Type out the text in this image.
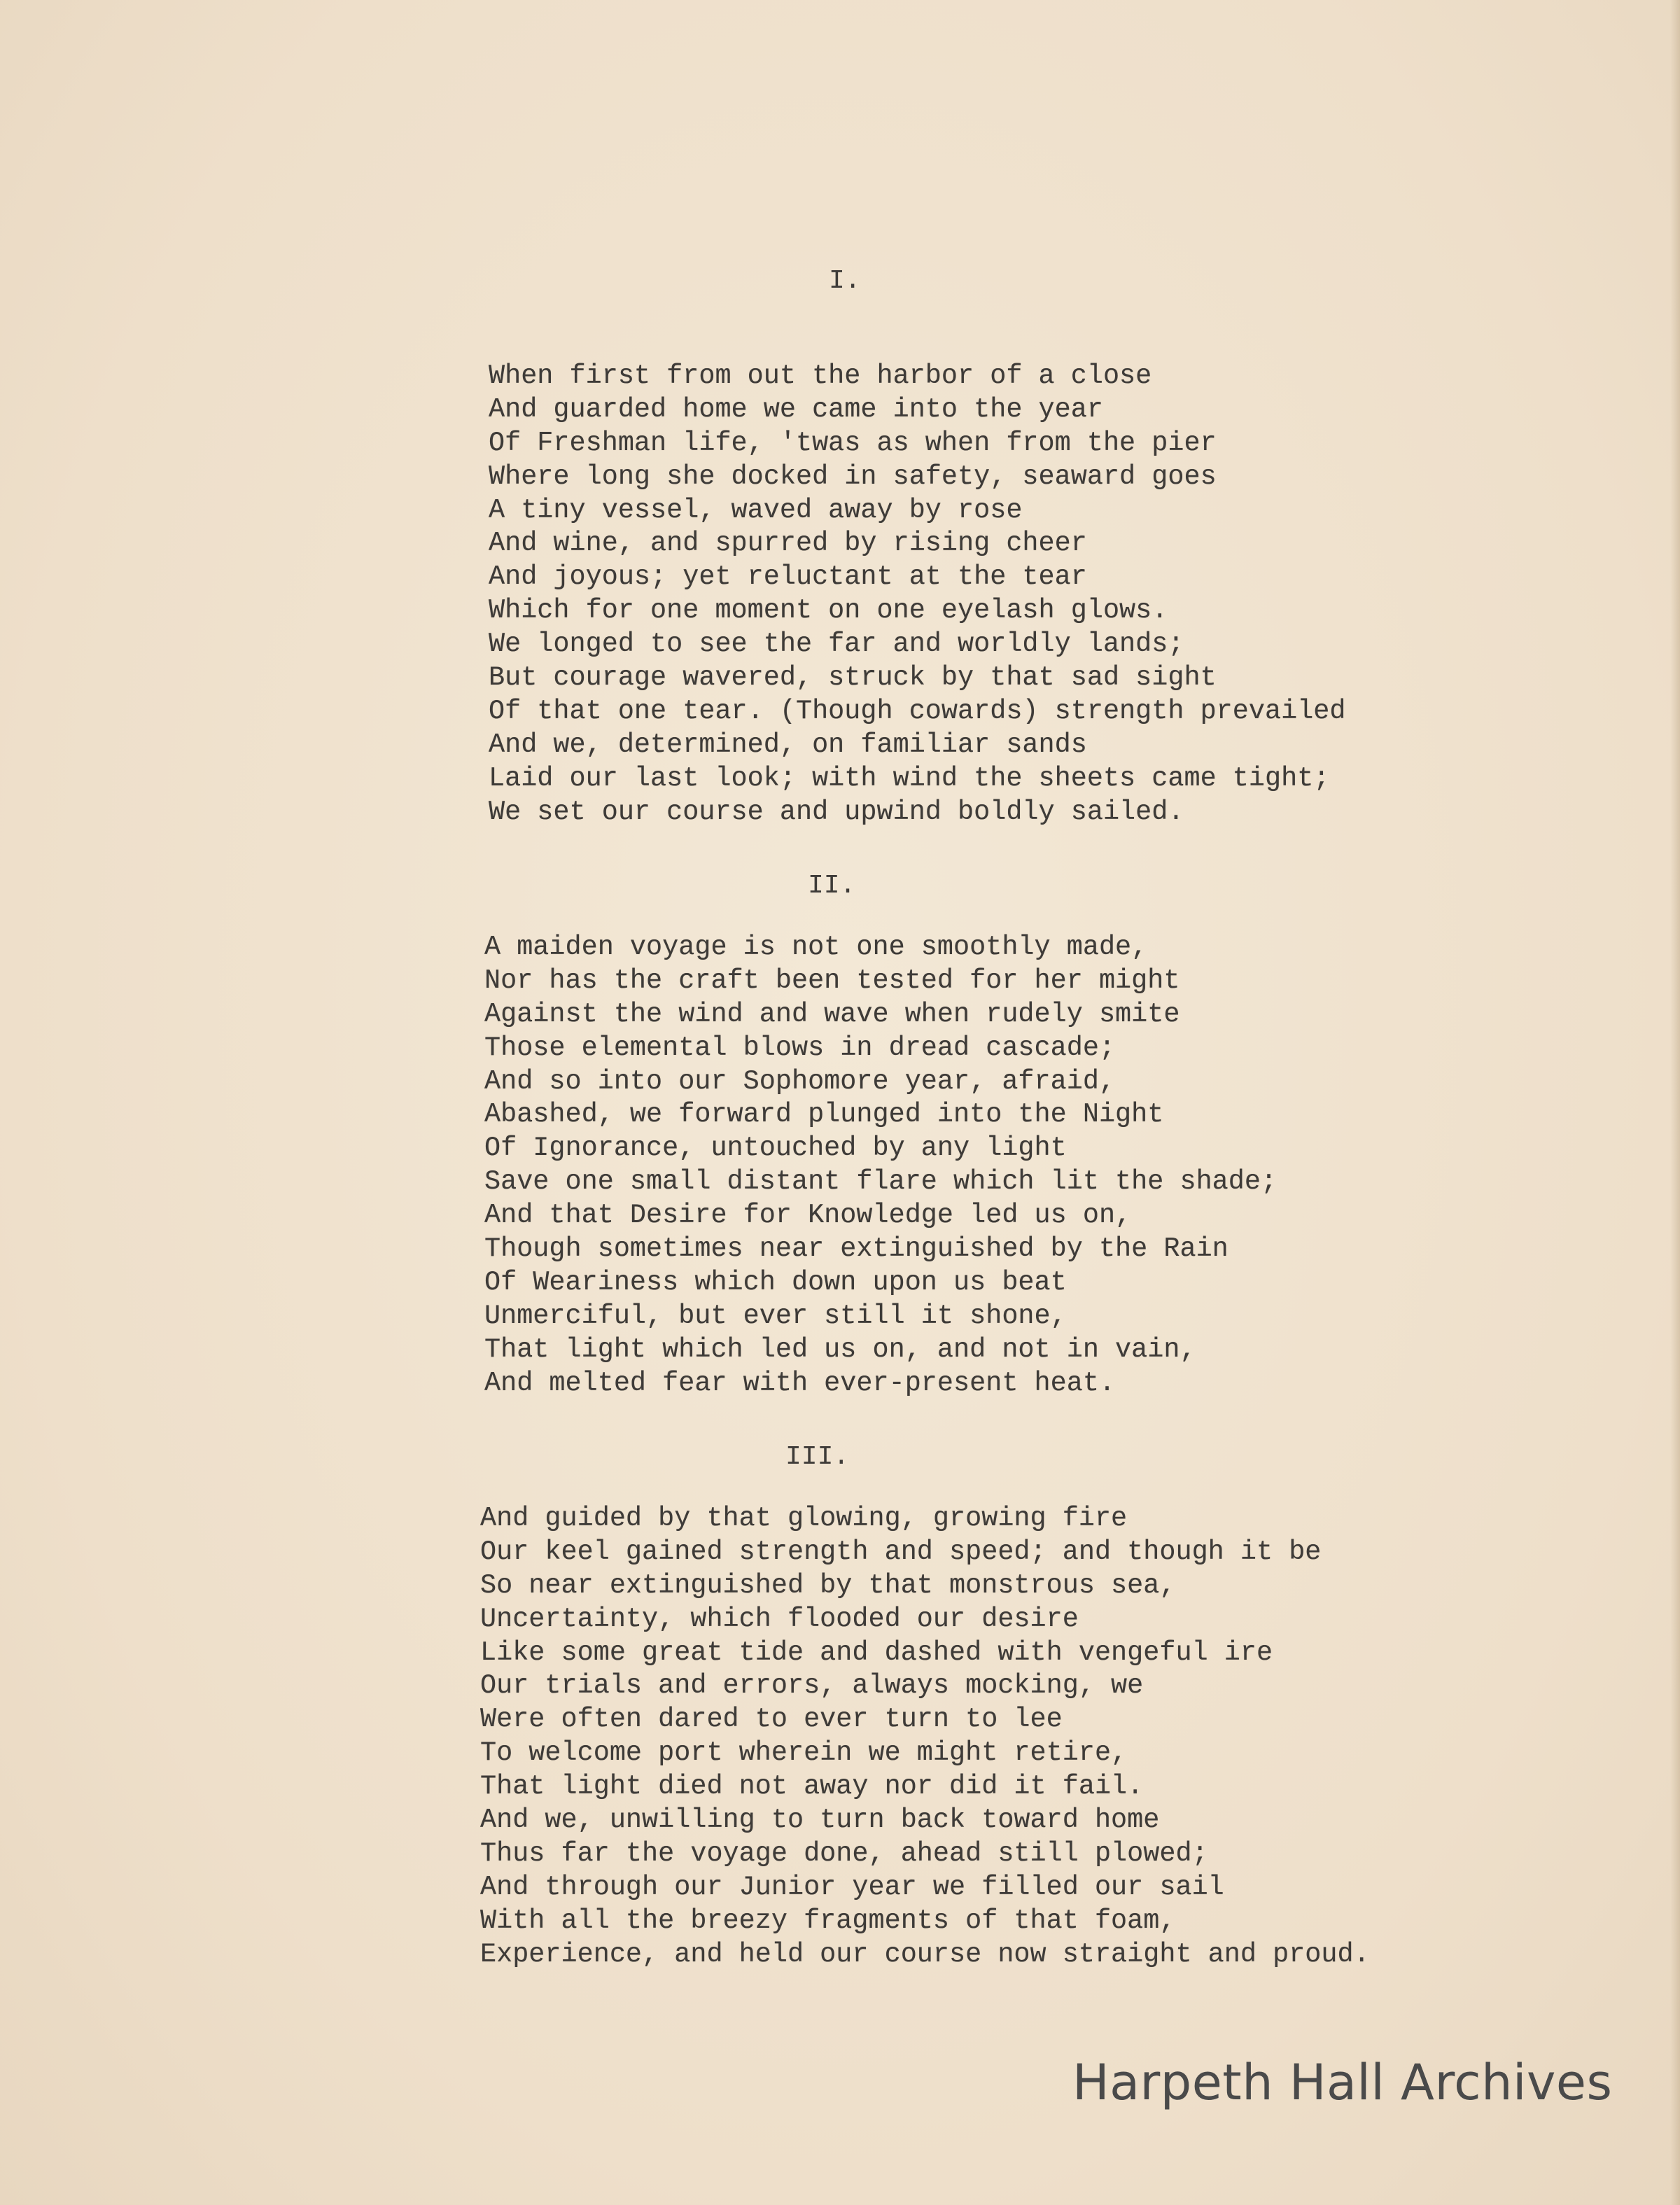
I.
When first from out the harbor of a close
And guarded home we came into the year
Of Freshman life, 'twas as when from the pier
Where long she docked in safety, seaward goes
A tiny vessel, waved away by rose
And wine, and spurred by rising cheer
And joyous; yet reluctant at the tear
Which for one moment on one eyelash glows.
We longed to see the far and worldly lands;
But courage wavered, struck by that sad sight
Of that one tear. (Though cowards) strength prevailed
And we, determined, on familiar sands
Laid our last look; with wind the sheets came tight;
We set our course and upwind boldly sailed.
II.
A maiden voyage is not one smoothly made,
Nor has the craft been tested for her might
Against the wind and wave when rudely smite
Those elemental blows in dread cascade;
And so into our Sophomore year, afraid,
Abashed, we forward plunged into the Night
Of Ignorance, untouched by any light
Save one small distant flare which lit the shade;
And that Desire for Knowledge led us on,
Though sometimes near extinguished by the Rain
Of Weariness which down upon us beat
Unmerciful, but ever still it shone,
That light which led us on, and not in vain,
And melted fear with ever-present heat.
III.
And guided by that glowing, growing fire
Our keel gained strength and speed; and though it be
So near extinguished by that monstrous sea,
Uncertainty, which flooded our desire
Like some great tide and dashed with vengeful ire
Our trials and errors, always mocking, we
Were often dared to ever turn to lee
To welcome port wherein we might retire,
That light died not away nor did it fail.
And we, unwilling to turn back toward home
Thus far the voyage done, ahead still plowed;
And through our Junior year we filled our sail
With all the breezy fragments of that foam,
Experience, and held our course now straight and proud.
Harpeth Hall Archives
